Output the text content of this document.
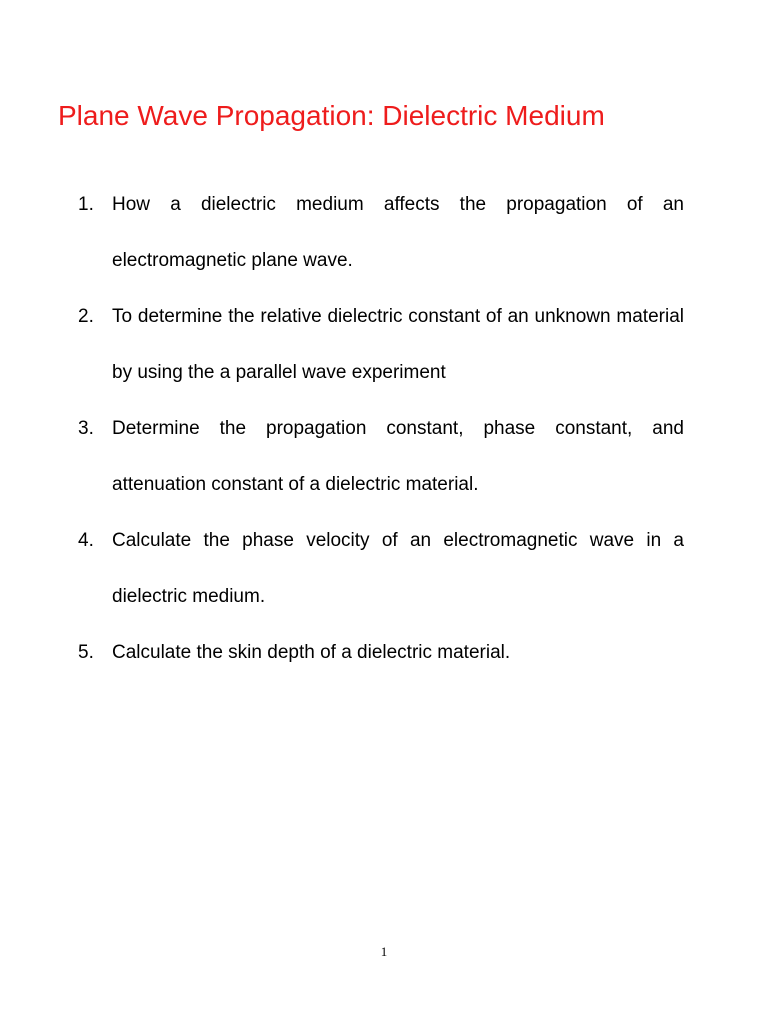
Plane Wave Propagation: Dielectric Medium
1. How a dielectric medium affects the propagation of an electromagnetic plane wave.
2. To determine the relative dielectric constant of an unknown material by using the a parallel wave experiment
3. Determine the propagation constant, phase constant, and attenuation constant of a dielectric material.
4. Calculate the phase velocity of an electromagnetic wave in a dielectric medium.
5. Calculate the skin depth of a dielectric material.
1
